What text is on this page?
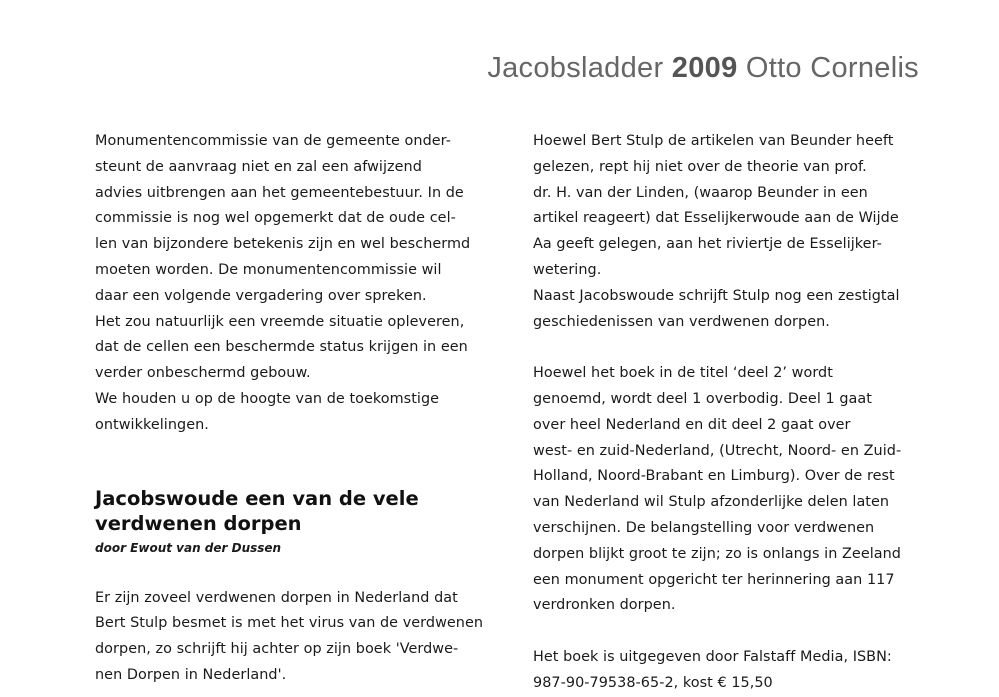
Jacobsladder 2009 Otto Cornelis
Monumentencommissie van de gemeente onder-
steunt de aanvraag niet en zal een afwijzend
advies uitbrengen aan het gemeentebestuur. In de
commissie is nog wel opgemerkt dat de oude cel-
len van bijzondere betekenis zijn en wel beschermd
moeten worden. De monumentencommissie wil
daar een volgende vergadering over spreken.
Het zou natuurlijk een vreemde situatie opleveren,
dat de cellen een beschermde status krijgen in een
verder onbeschermd gebouw.
We houden u op de hoogte van de toekomstige
ontwikkelingen.
Jacobswoude een van de vele
verdwenen dorpen
door Ewout van der Dussen
Er zijn zoveel verdwenen dorpen in Nederland dat
Bert Stulp besmet is met het virus van de verdwenen
dorpen, zo schrijft hij achter op zijn boek 'Verdwe-
nen Dorpen in Nederland'.
Hoewel Bert Stulp de artikelen van Beunder heeft
gelezen, rept hij niet over de theorie van prof.
dr. H. van der Linden, (waarop Beunder in een
artikel reageert) dat Esselijkerwoude aan de Wijde
Aa geeft gelegen, aan het riviertje de Esselijker-
wetering.
Naast Jacobswoude schrijft Stulp nog een zestigtal
geschiedenissen van verdwenen dorpen.
Hoewel het boek in de titel ‘deel 2’ wordt
genoemd, wordt deel 1 overbodig. Deel 1 gaat
over heel Nederland en dit deel 2 gaat over
west- en zuid-Nederland, (Utrecht, Noord- en Zuid-
Holland, Noord-Brabant en Limburg). Over de rest
van Nederland wil Stulp afzonderlijke delen laten
verschijnen. De belangstelling voor verdwenen
dorpen blijkt groot te zijn; zo is onlangs in Zeeland
een monument opgericht ter herinnering aan 117
verdronken dorpen.
Het boek is uitgegeven door Falstaff Media, ISBN:
987-90-79538-65-2, kost € 15,50
